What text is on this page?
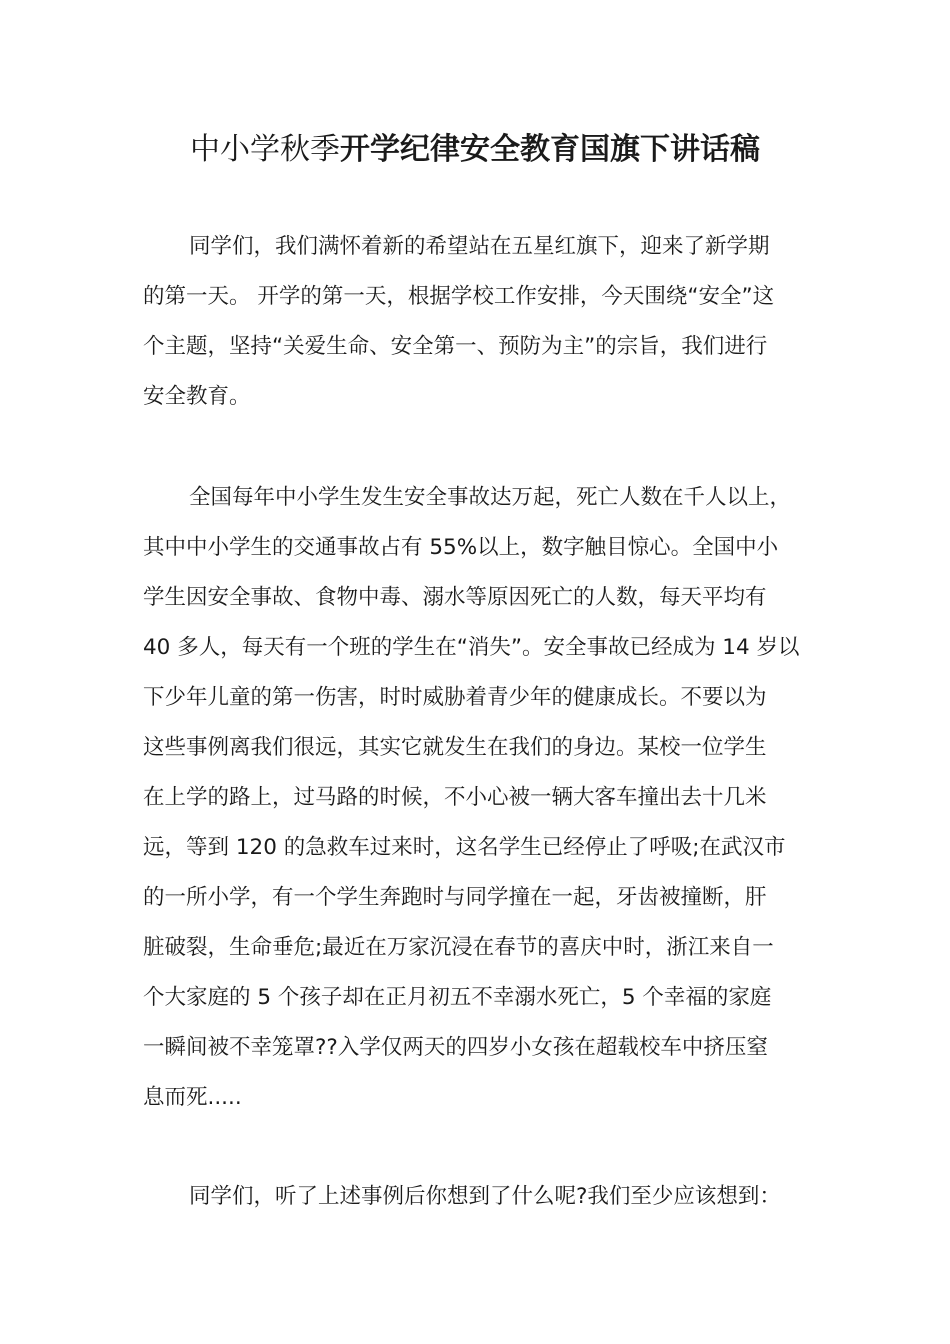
中小学秋季开学纪律安全教育国旗下讲话稿
同学们，我们满怀着新的希望站在五星红旗下，迎来了新学期
的第一天。 开学的第一天，根据学校工作安排，今天围绕“安全”这
个主题，坚持“关爱生命、安全第一、预防为主”的宗旨，我们进行
安全教育。
全国每年中小学生发生安全事故达万起，死亡人数在千人以上，
其中中小学生的交通事故占有 55%以上，数字触目惊心。全国中小
学生因安全事故、食物中毒、溺水等原因死亡的人数，每天平均有
40 多人，每天有一个班的学生在“消失”。安全事故已经成为 14 岁以
下少年儿童的第一伤害，时时威胁着青少年的健康成长。不要以为
这些事例离我们很远，其实它就发生在我们的身边。某校一位学生
在上学的路上，过马路的时候，不小心被一辆大客车撞出去十几米
远，等到 120 的急救车过来时，这名学生已经停止了呼吸;在武汉市
的一所小学，有一个学生奔跑时与同学撞在一起，牙齿被撞断，肝
脏破裂，生命垂危;最近在万家沉浸在春节的喜庆中时，浙江来自一
个大家庭的 5 个孩子却在正月初五不幸溺水死亡，5 个幸福的家庭
一瞬间被不幸笼罩??入学仅两天的四岁小女孩在超载校车中挤压窒
息而死.....
同学们，听了上述事例后你想到了什么呢?我们至少应该想到：
